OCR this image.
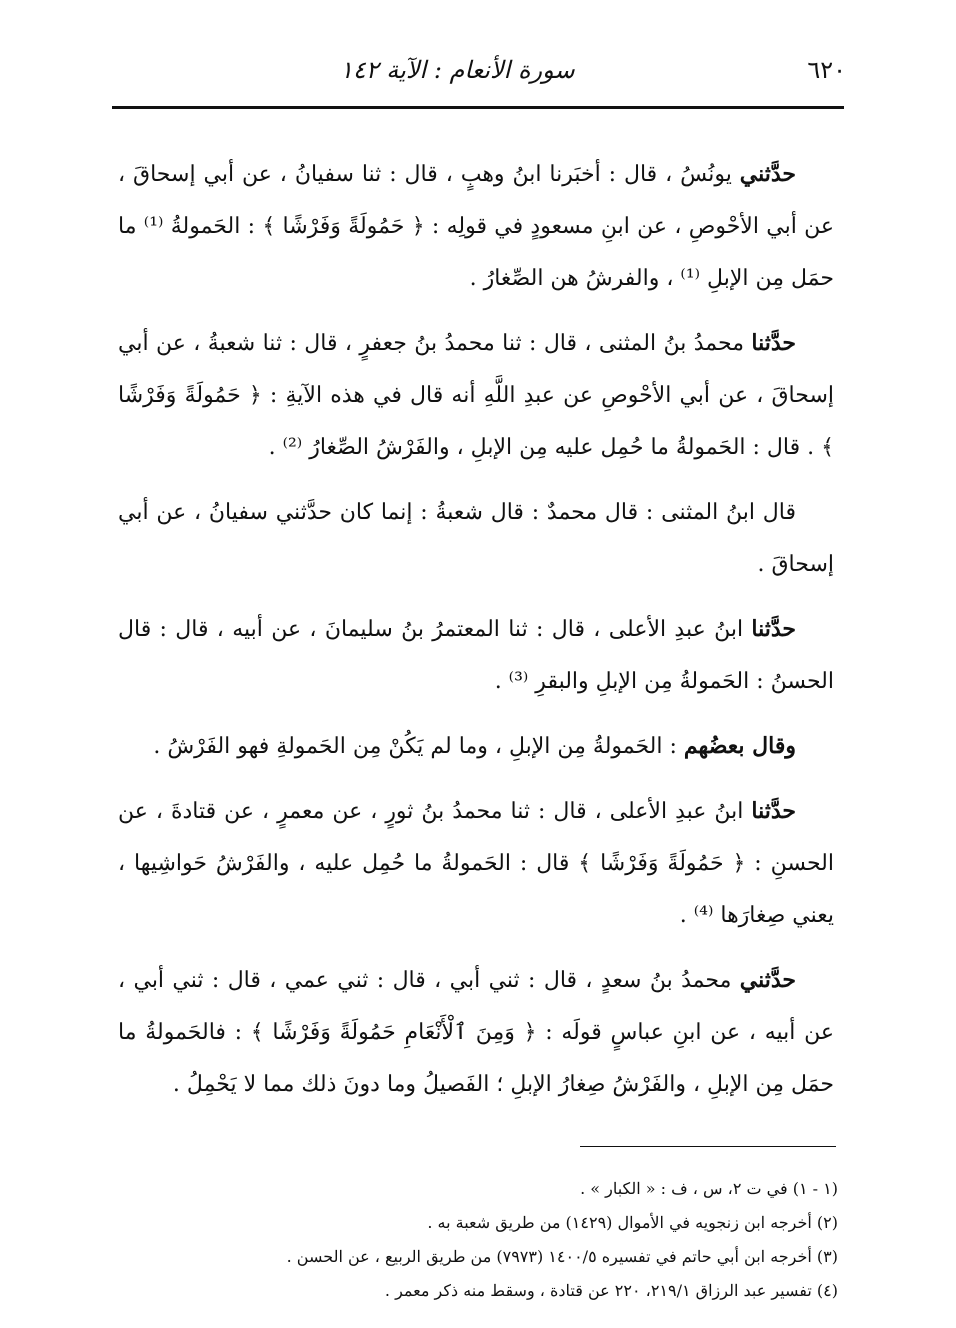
٦٢٠
سورة الأنعام : الآية ١٤٢

حدَّثني يونُسُ ، قال : أخبَرنا ابنُ وهبٍ ، قال : ثنا سفيانُ ، عن أبي إسحاقَ ، عن أبي الأحْوصِ ، عن ابنِ مسعودٍ في قولِه : ﴿ حَمُولَةً وَفَرْشًا ﴾ : الحَمولةُ ⁽¹⁾ ما حمَل مِن الإبلِ ⁽¹⁾ ، والفرشُ هن الصِّغارُ .

حدَّثنا محمدُ بنُ المثنى ، قال : ثنا محمدُ بنُ جعفرٍ ، قال : ثنا شعبةُ ، عن أبي إسحاقَ ، عن أبي الأحْوصِ عن عبدِ اللَّهِ أنه قال في هذه الآيةِ : ﴿ حَمُولَةً وَفَرْشًا ﴾ . قال : الحَمولةُ ما حُمِل عليه مِن الإبلِ ، والفَرْشُ الصِّغارُ ⁽²⁾ .

قال ابنُ المثنى : قال محمدٌ : قال شعبةُ : إنما كان حدَّثني سفيانُ ، عن أبي إسحاقَ .

حدَّثنا ابنُ عبدِ الأعلى ، قال : ثنا المعتمرُ بنُ سليمانَ ، عن أبيه ، قال : قال الحسنُ : الحَمولةُ مِن الإبلِ والبقرِ ⁽³⁾ .

وقال بعضُهم : الحَمولةُ مِن الإبلِ ، وما لم يَكُنْ مِن الحَمولةِ فهو الفَرْشُ .

حدَّثنا ابنُ عبدِ الأعلى ، قال : ثنا محمدُ بنُ ثورٍ ، عن معمرٍ ، عن قتادةَ ، عن الحسنِ : ﴿ حَمُولَةً وَفَرْشًا ﴾ قال : الحَمولةُ ما حُمِل عليه ، والفَرْشُ حَواشِيها ، يعني صِغارَها ⁽⁴⁾ .

حدَّثني محمدُ بنُ سعدٍ ، قال : ثني أبي ، قال : ثني عمي ، قال : ثني أبي ، عن أبيه ، عن ابنِ عباسٍ قولَه : ﴿ وَمِنَ ٱلْأَنْعَامِ حَمُولَةً وَفَرْشًا ﴾ : فالحَمولةُ ما حمَل مِن الإبلِ ، والفَرْشُ صِغارُ الإبلِ ؛ الفَصيلُ وما دونَ ذلك مما لا يَحْمِلُ .

(١ - ١) في ت ٢، س ، ف : « الكبار » .

(٢) أخرجه ابن زنجويه في الأموال (١٤٢٩) من طريق شعبة به .

(٣) أخرجه ابن أبي حاتم في تفسيره ١٤٠٠/٥ (٧٩٧٣) من طريق الربيع ، عن الحسن .

(٤) تفسير عبد الرزاق ٢١٩/١، ٢٢٠ عن قتادة ، وسقط منه ذكر معمر .
